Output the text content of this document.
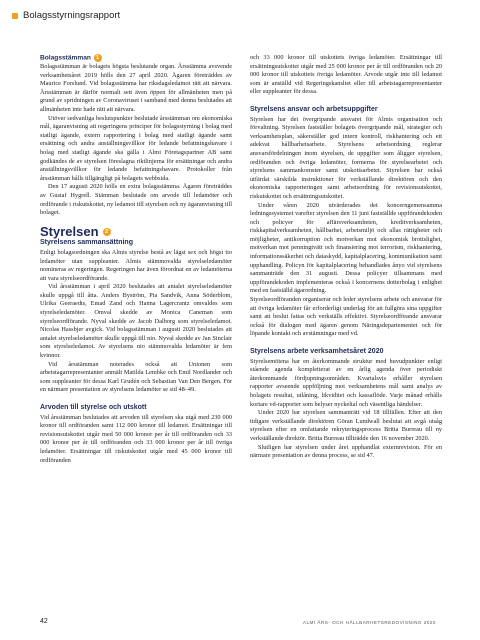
Bolagsstyrningsrapport
Bolagsstämman 1
Bolagsstämman är bolagets högsta beslutande organ. Årsstämma avsvende verksamhetsåret 2019 hölls den 27 april 2020. Ägaren företräddes av Maurice Forslund. Vid bolagsstämma har riksdagsledamot rätt att närvara. Årsstämman är därför normalt sett även öppen för allmänheten men på grund av spridningen av Coronaviruset i samband med denna beslutades att allmänheten inte hade rätt att närvara.
Utöver sedvanliga beslutspunkter beslutade årsstämman om ekonomiska mål, ägaranvisning att regeringens principer för bolagsstyrning i bolag med statligt ägande, extern rapportering i bolag med statligt ägande samt ersättning och andra anställningsvillkor för ledande befattningshavare i bolag med statligt ägande ska gälla i Almi Företagspartner AB samt godkändes de av styrelsen föreslagna riktlinjerna för ersättningar och andra anställningsvillkor för ledande befattningshavare. Protokoller från årsstämman hålls tillgängligt på bolagets webbsida.
Den 17 augusti 2020 hölls en extra bolagsstämma. Ägaren företräddes av Gustaf Hygrell. Stämman beslutade om arvode till ledamöter och ordförande i riskutskottet, ny ledamot till styrelsen och ny ägaranvisning till bolaget.
Styrelsen	2
Styrelsens sammansättning
Enligt bolagsordningen ska Almis styrelse bestå av lägst sex och högst tio ledamöter utan suppleanter. Almis stämmovalda styrelseledamöter nomineras av regeringen. Regeringen har även förordnat en av ledamöterna att vara styrelseordförande.
Vid årsstämman i april 2020 beslutades att antalet styrelseledamöter skulle uppgå till åtta. Anders Byström, Pia Sandvik, Anna Söderblom, Ulrika Geeraedts, Emad Zand och Hanna Lagercrantz omvaldes som styrelseledamöter. Omval skedde av Monica Caneman som styrelseordförande. Nyval skedde av Jacob Dalborg som styrelseledamot. Nicolas Hassbjer avgick. Vid bolagsstämman i augusti 2020 beslutades att antalet styrelseledamöter skulle uppgå till nio. Nyval skedde av Jan Sinclair som styrelseledamot. Av styrelsens nio stämmovalda ledamöter är fem kvinnor.
Vid årsstämman noterades också att Unionen som arbetstagarrepresentanter anmält Matilda Lembke och Emil Nordlander och som suppleanter för dessa Karl Grudén och Sebastian Van Den Bergen. För en närmare presentation av styrelsens ledamöter se sid 48–49.
Arvoden till styrelse och utskott
Vid årsstämman beslutades att arvoden till styrelsen ska utgå med 230 000 kronor till ordföranden samt 112 000 kronor till ledamot. Ersättningar till revisionsutskottet utgår med 50 000 kronor per år till ordföranden och 33 000 kronor per år till ordföranden och 33 000 kronor per år till övriga ledamöter. Ersättningar till riskutskottet utgår med 45 000 kronor till ordföranden
och 33 000 kronor till utskottets övriga ledamöter. Ersättningar till ersättningsutskottet utgår med 25 000 kronor per år till ordföranden och 20 000 kronor till utskottets övriga ledamöter. Arvode utgår inte till ledamot som är anställd vid Regeringskansliet eller till arbetstagarrepresentanter eller suppleanter för dessa.
Styrelsens ansvar och arbetsuppgifter
Styrelsen har det övergripande ansvaret för Almis organisation och förvaltning. Styrelsen fastställer bolagets övergripande mål, strategier och verksamhetsplan, säkerställer god intern kontroll, riskhantering och ett adekvat hållbarhetsarbete. Styrelsens arbetsordning reglerar ansvarsfördelningen inom styrelsen, de uppgifter som åligger styrelsen, ordföranden och övriga ledamöter, formerna för styrelsearbetet och styrelsens sammankomster samt utskottsarbetet. Styrelsen har också utfärdat särskilda instruktioner för verkställande direktören och den ekonomiska rapporteringen samt arbetsordning för revisionsutskottet, riskutskottet och ersättningsutskottet.
Under våren 2020 utvärderades det koncerngemensamma ledningssystemet varefter styrelsen den 11 juni fastställde uppförandekoden och policyer för affärsverksamheten, kreditverksamheten, riskkapitalverksamheten, hållbarhet, arbetsmiljö och allas rättigheter och möjligheter, antikorruption och motverkan mot ekonomisk brottslighet, motverkan mot penningtvätt och finansiering mot terrorism, riskhantering, informationssäkerhet och dataskydd, kapitalplacering, kommunikation samt upphandling. Policyn för kapitalplacering behandlades ånyo vid styrelsens sammanträde den 31 augusti. Dessa policyer tillsammans med uppförandekoden implementeras också i koncernens dotterbolag i enlighet med en fastställd ägarordning.
Styrelseordföranden organiserar och leder styrelsens arbete och ansvarar för att övriga ledamöter får erforderligt underlag för att fullgöra sina uppgifter samt att beslut fattas och verkställs effektivt. Styrelseordförande ansvarar också för dialogen med ägaren genom Näringsdepartementet och för löpande kontakt och avstämningar med vd.
Styrelsens arbete verksamhetsåret 2020
Styrelsemötena har en återkommande struktur med huvudpunkter enligt stående agenda kompletterat av en årlig agenda över periodiskt återkommande fördjupningsområden. Kvartalsvis erhåller styrelsen rapporter avseende uppföljning mot verksamhetens mål samt analys av bolagets resultat, utlåning, likviditet och kassaflöde. Varje månad erhålls kortare vd-rapporter som belyser nyckeltal och väsentliga händelser.
Under 2020 har styrelsen sammanträtt vid 18 tillfällen. Efter att den tidigare verkställande direktören Göran Lundwall beslutat att avgå utsåg styrelsen efter en omfattande rekryteringsprocess Britta Burreau till ny verkställande direktör. Britta Burreau tillträdde den 16 november 2020.
Slutligen har styrelsen under året upphandlat externrevision. För en närmare presentation av denna process, se sid 47.
42	ALMI ÅRS- OCH HÅLLBARHETSREDOVISNING 2020
